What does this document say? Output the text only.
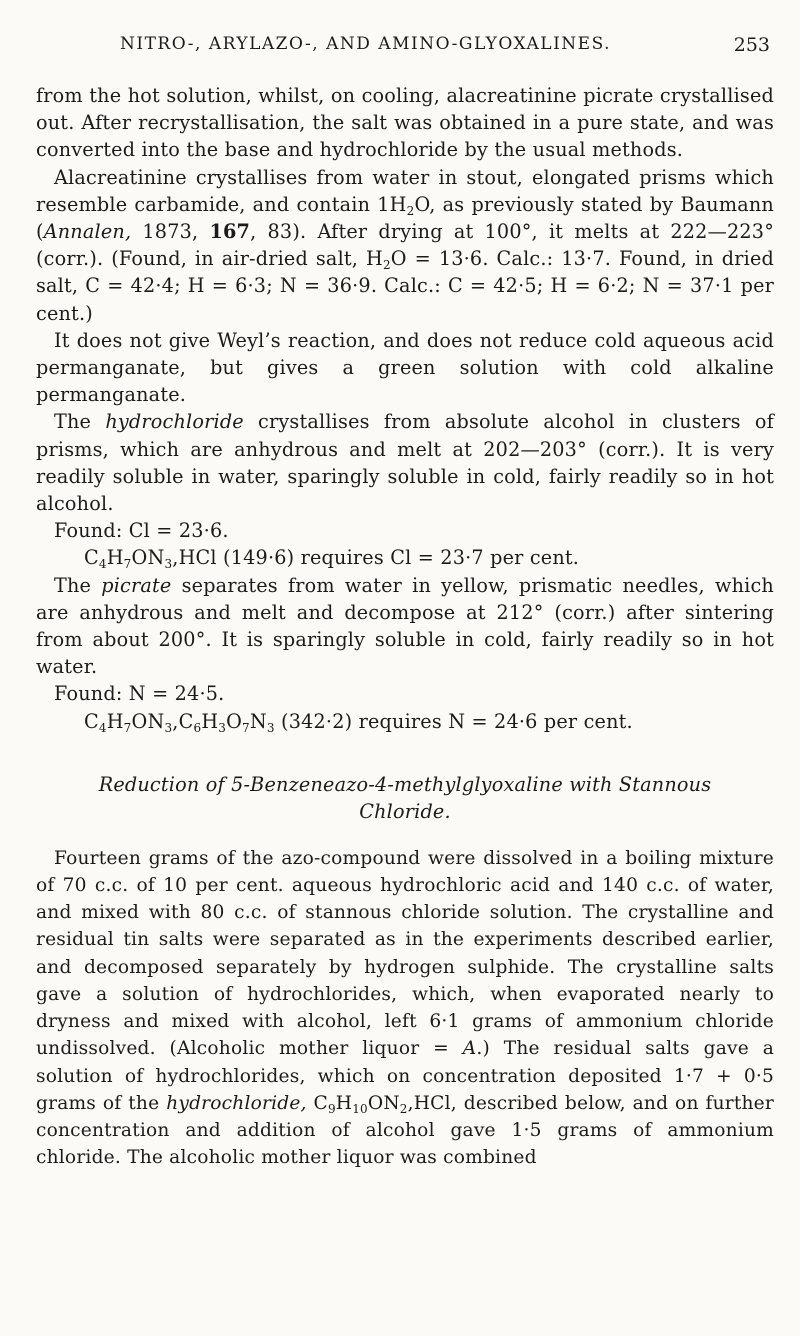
NITRO-, ARYLAZO-, AND AMINO-GLYOXALINES.	253

from the hot solution, whilst, on cooling, alacreatinine picrate crystallised out. After recrystallisation, the salt was obtained in a pure state, and was converted into the base and hydrochloride by the usual methods.

Alacreatinine crystallises from water in stout, elongated prisms which resemble carbamide, and contain $1H_2O$, as previously stated by Baumann (Annalen, 1873, 167, 83). After drying at 100°, it melts at 222—223° (corr.). (Found, in air-dried salt, $H_2O = 13\cdot 6$. Calc.: 13·7. Found, in dried salt, C = 42·4; H = 6·3; N = 36·9. Calc.: C = 42·5; H = 6·2; N = 37·1 per cent.)

It does not give Weyl’s reaction, and does not reduce cold aqueous acid permanganate, but gives a green solution with cold alkaline permanganate.

The hydrochloride crystallises from absolute alcohol in clusters of prisms, which are anhydrous and melt at 202—203° (corr.). It is very readily soluble in water, sparingly soluble in cold, fairly readily so in hot alcohol.

Found: Cl = 23·6.

$C_4H_7ON_3,HCl$ (149·6) requires Cl = 23·7 per cent.

The picrate separates from water in yellow, prismatic needles, which are anhydrous and melt and decompose at 212° (corr.) after sintering from about 200°. It is sparingly soluble in cold, fairly readily so in hot water.

Found: N = 24·5.

$C_4H_7ON_3,C_6H_3O_7N_3$ (342·2) requires N = 24·6 per cent.

Reduction of 5-Benzeneazo-4-methylglyoxaline with Stannous
Chloride.

Fourteen grams of the azo-compound were dissolved in a boiling mixture of 70 c.c. of 10 per cent. aqueous hydrochloric acid and 140 c.c. of water, and mixed with 80 c.c. of stannous chloride solution. The crystalline and residual tin salts were separated as in the experiments described earlier, and decomposed separately by hydrogen sulphide. The crystalline salts gave a solution of hydrochlorides, which, when evaporated nearly to dryness and mixed with alcohol, left 6·1 grams of ammonium chloride undissolved. (Alcoholic mother liquor = A.) The residual salts gave a solution of hydrochlorides, which on concentration deposited 1·7 + 0·5 grams of the hydrochloride, $C_9H_{10}ON_2,HCl$, described below, and on further concentration and addition of alcohol gave 1·5 grams of ammonium chloride. The alcoholic mother liquor was combined
